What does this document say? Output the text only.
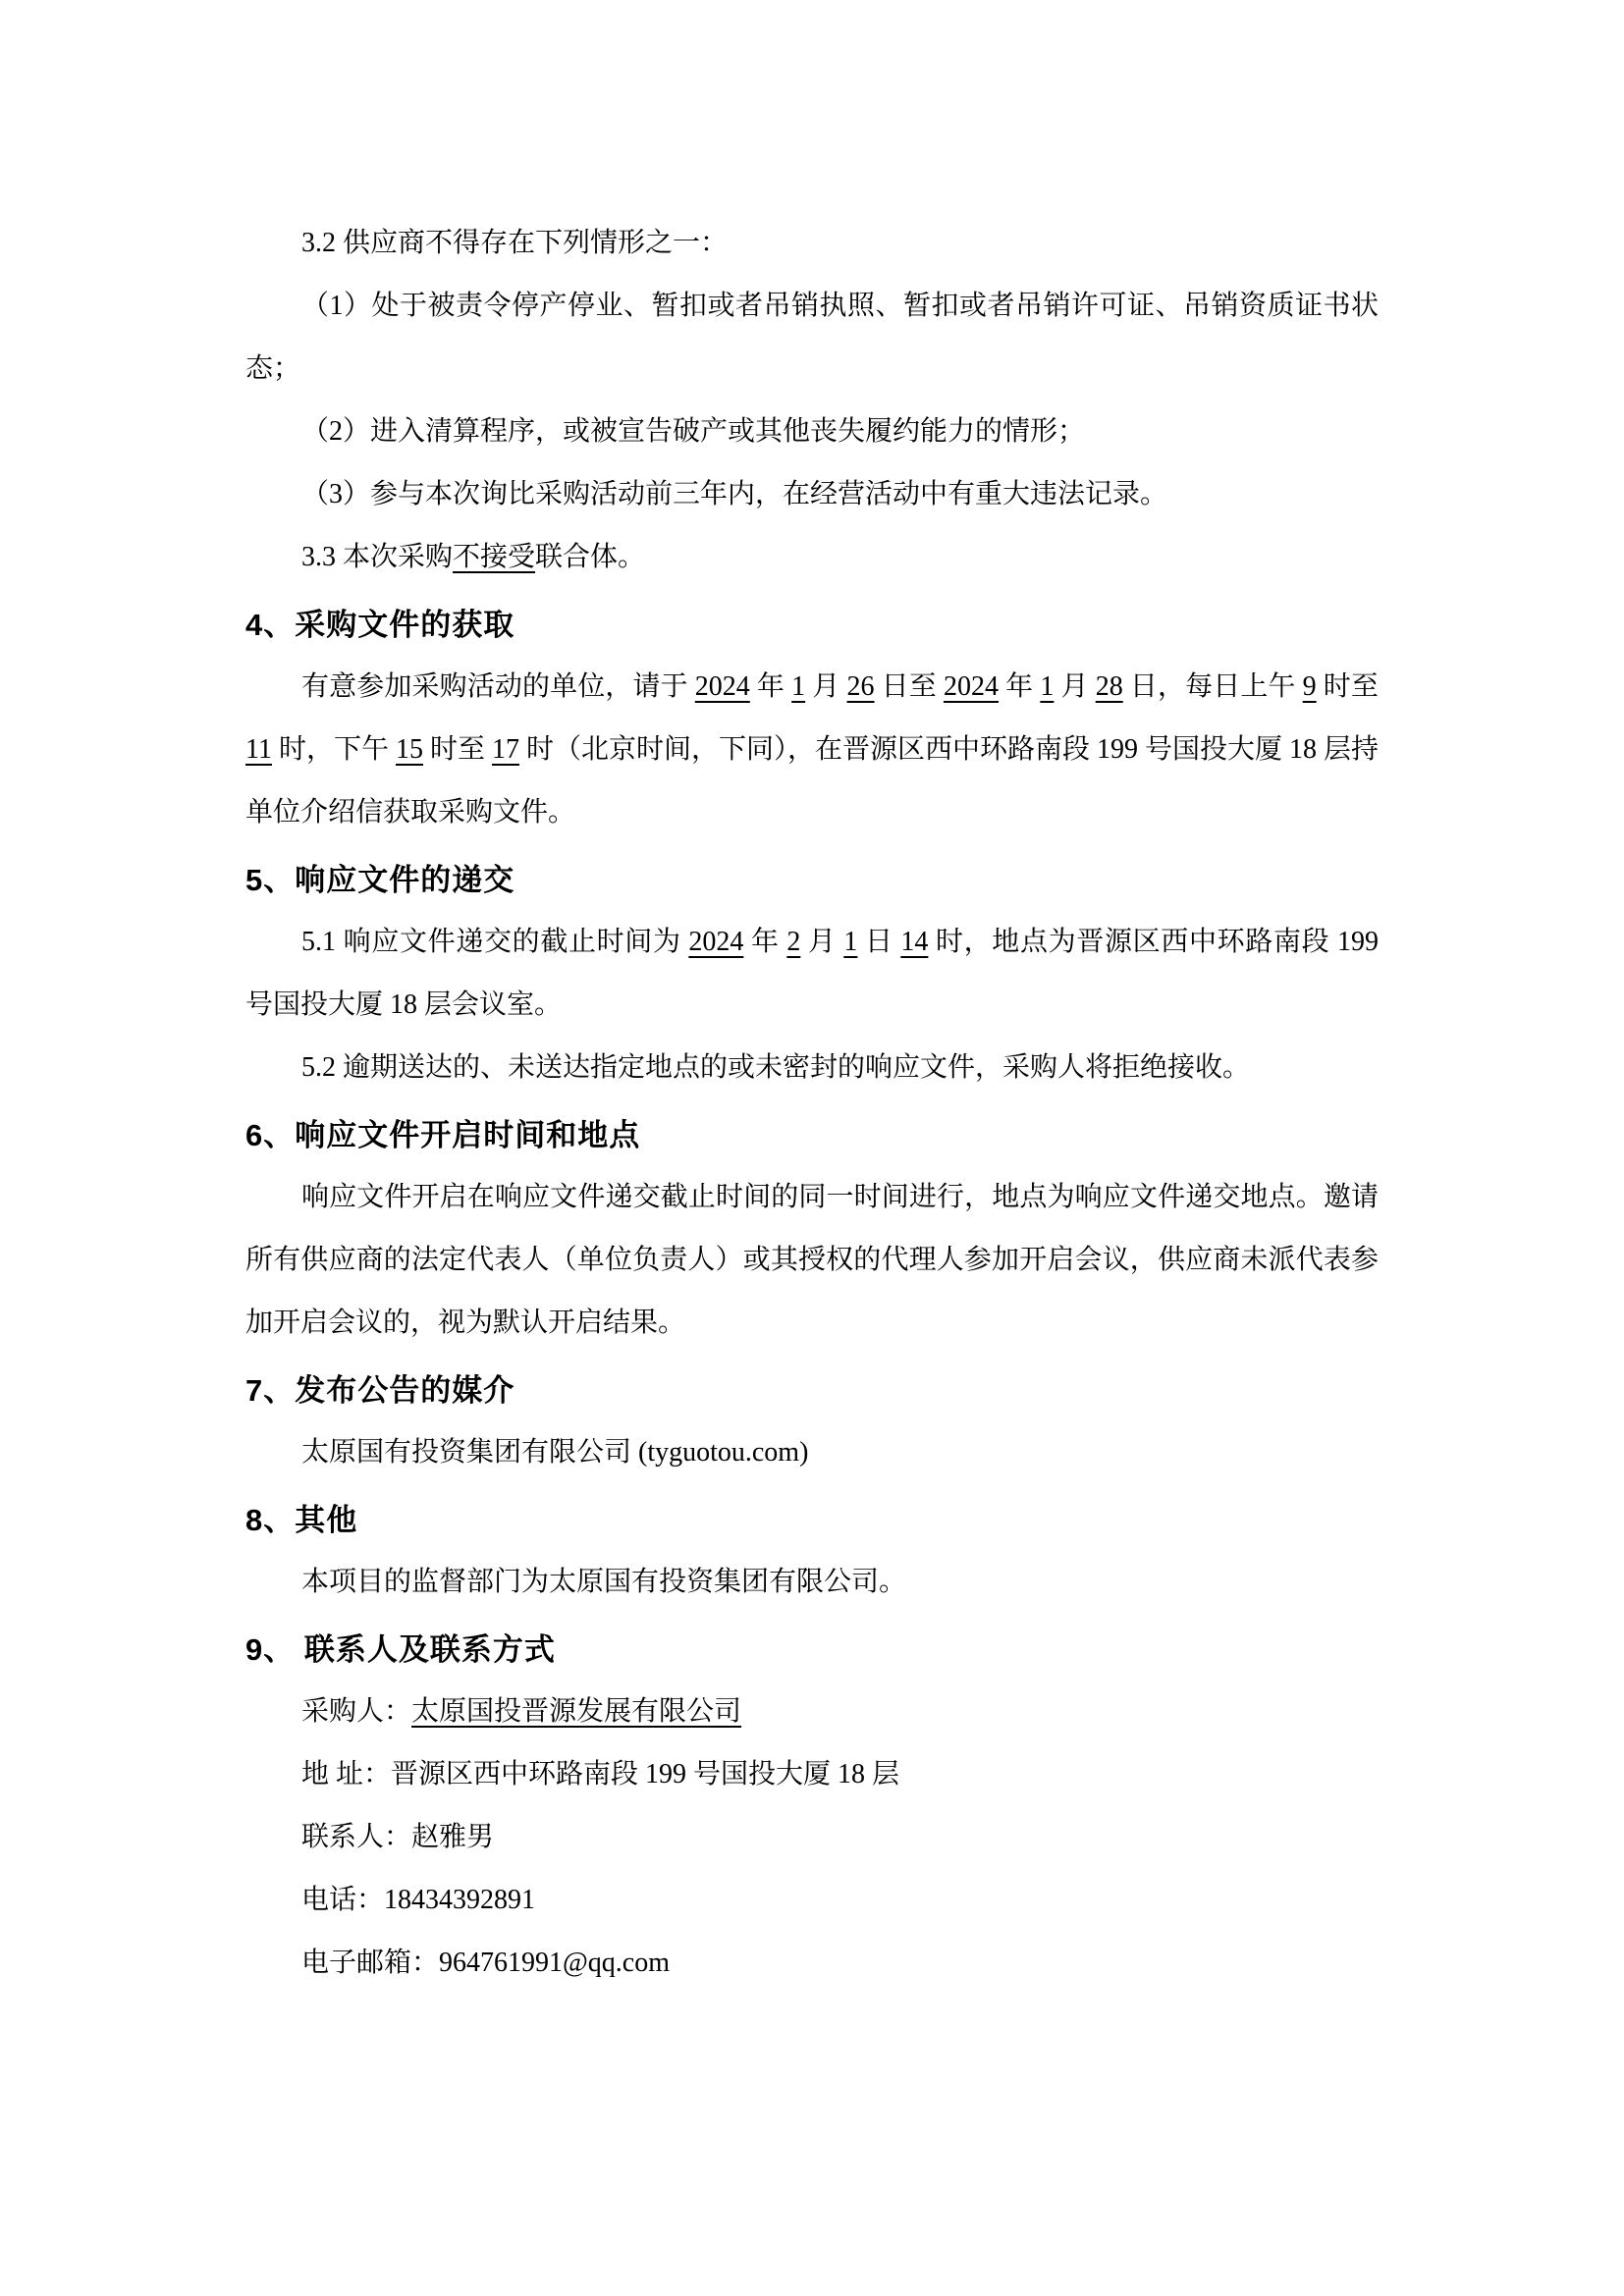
3.2 供应商不得存在下列情形之一：

（1）处于被责令停产停业、暂扣或者吊销执照、暂扣或者吊销许可证、吊销资质证书状态；

（2）进入清算程序，或被宣告破产或其他丧失履约能力的情形；

（3）参与本次询比采购活动前三年内，在经营活动中有重大违法记录。

3.3 本次采购不接受联合体。

4、采购文件的获取

有意参加采购活动的单位，请于 2024 年 1 月 26 日至 2024 年 1 月 28 日，每日上午 9 时至 11 时，下午 15 时至 17 时（北京时间，下同），在晋源区西中环路南段 199 号国投大厦 18 层持单位介绍信获取采购文件。

5、响应文件的递交

5.1 响应文件递交的截止时间为 2024 年 2 月 1 日 14 时，地点为晋源区西中环路南段 199 号国投大厦 18 层会议室。

5.2 逾期送达的、未送达指定地点的或未密封的响应文件，采购人将拒绝接收。

6、响应文件开启时间和地点

响应文件开启在响应文件递交截止时间的同一时间进行，地点为响应文件递交地点。邀请所有供应商的法定代表人（单位负责人）或其授权的代理人参加开启会议，供应商未派代表参加开启会议的，视为默认开启结果。

7、发布公告的媒介

太原国有投资集团有限公司 (tyguotou.com)

8、其他

本项目的监督部门为太原国有投资集团有限公司。

9、 联系人及联系方式

采购人：太原国投晋源发展有限公司

地 址：晋源区西中环路南段 199 号国投大厦 18 层

联系人：赵雅男

电话：18434392891

电子邮箱：964761991@qq.com
